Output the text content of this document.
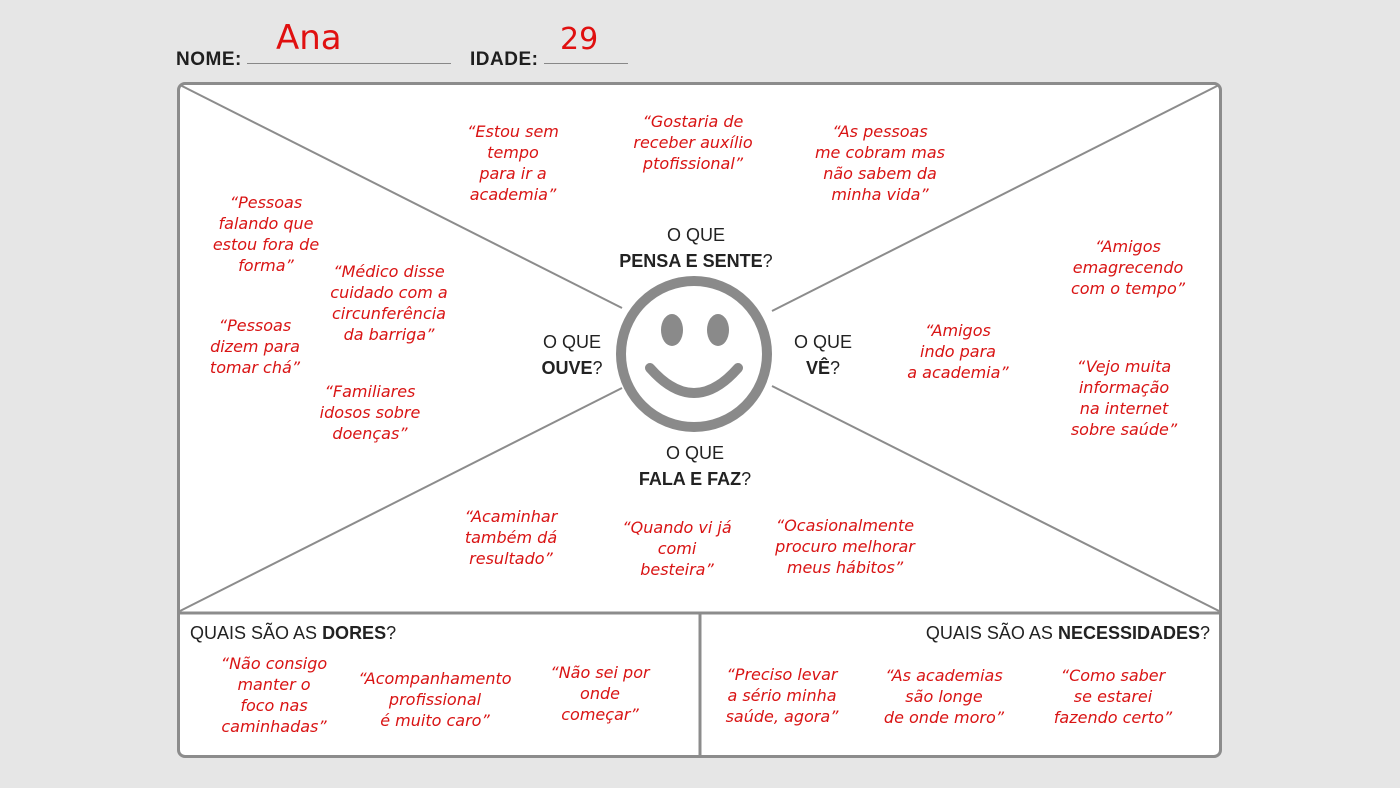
NOME:
Ana
IDADE:
29
O QUE
PENSA E SENTE?
O QUE
OUVE?
O QUE
VÊ?
O QUE
FALA E FAZ?
“Estou sem
tempo
para ir a
academia”
“Gostaria de
receber auxílio
ptofissional”
“As pessoas
me cobram mas
não sabem da
minha vida”
“Pessoas
falando que
estou fora de
forma”	“Médico disse
cuidado com a
circunferência
da barriga”
“Pessoas
dizem para
tomar chá”
“Familiares
idosos sobre
doenças”
“Amigos
emagrecendo
com o tempo”
“Amigos
indo para
a academia”	“Vejo muita
informação
na internet
sobre saúde”
“Acaminhar
também dá
resultado”
“Quando vi já
comi
besteira”
“Ocasionalmente
procuro melhorar
meus hábitos”
QUAIS SÃO AS DORES?
“Não consigo
manter o
foco nas
caminhadas”
“Acompanhamento
profissional
é muito caro”
“Não sei por
onde
começar”
QUAIS SÃO AS NECESSIDADES?
“Preciso levar
a sério minha
saúde, agora”
“As academias
são longe
de onde moro”
“Como saber
se estarei
fazendo certo”
